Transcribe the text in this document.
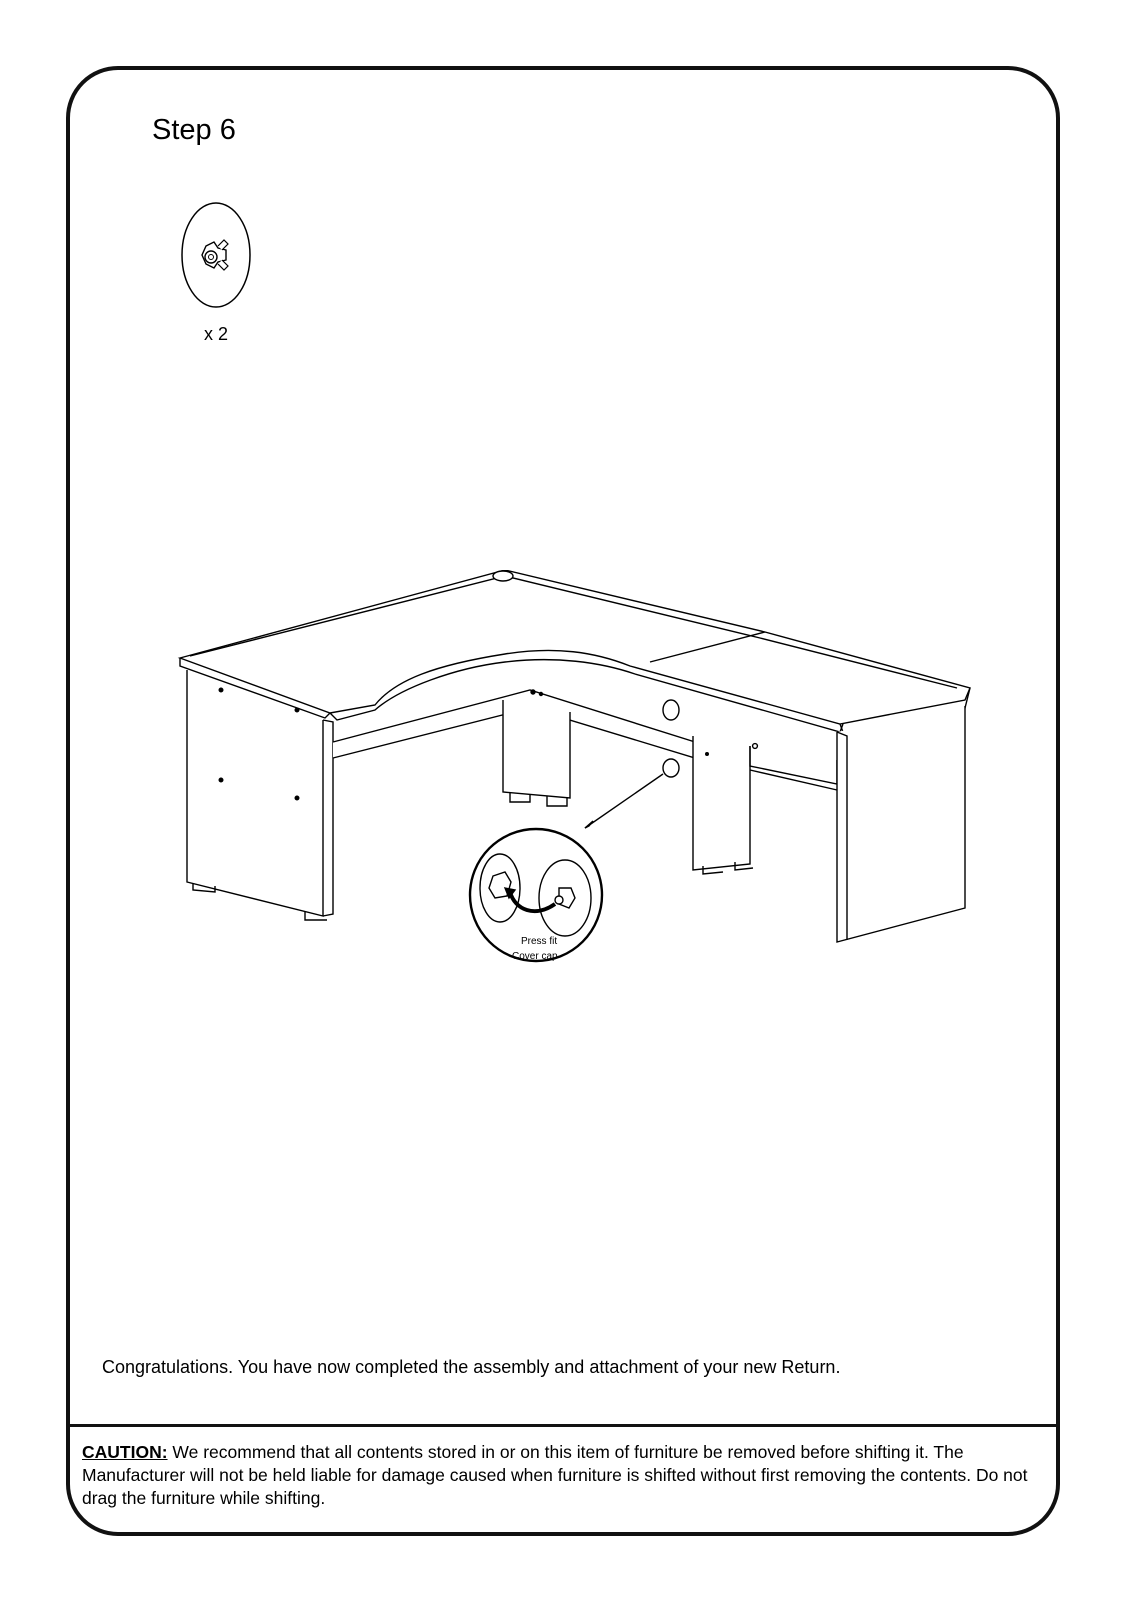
Step 6
x 2
Press fit
Cover cap
Congratulations. You have now completed the assembly and attachment of your new Return.
CAUTION: We recommend that all contents stored in or on this item of furniture be removed before shifting it. The Manufacturer will not be held liable for damage caused when furniture is shifted without first removing the contents. Do not drag the furniture while shifting.
